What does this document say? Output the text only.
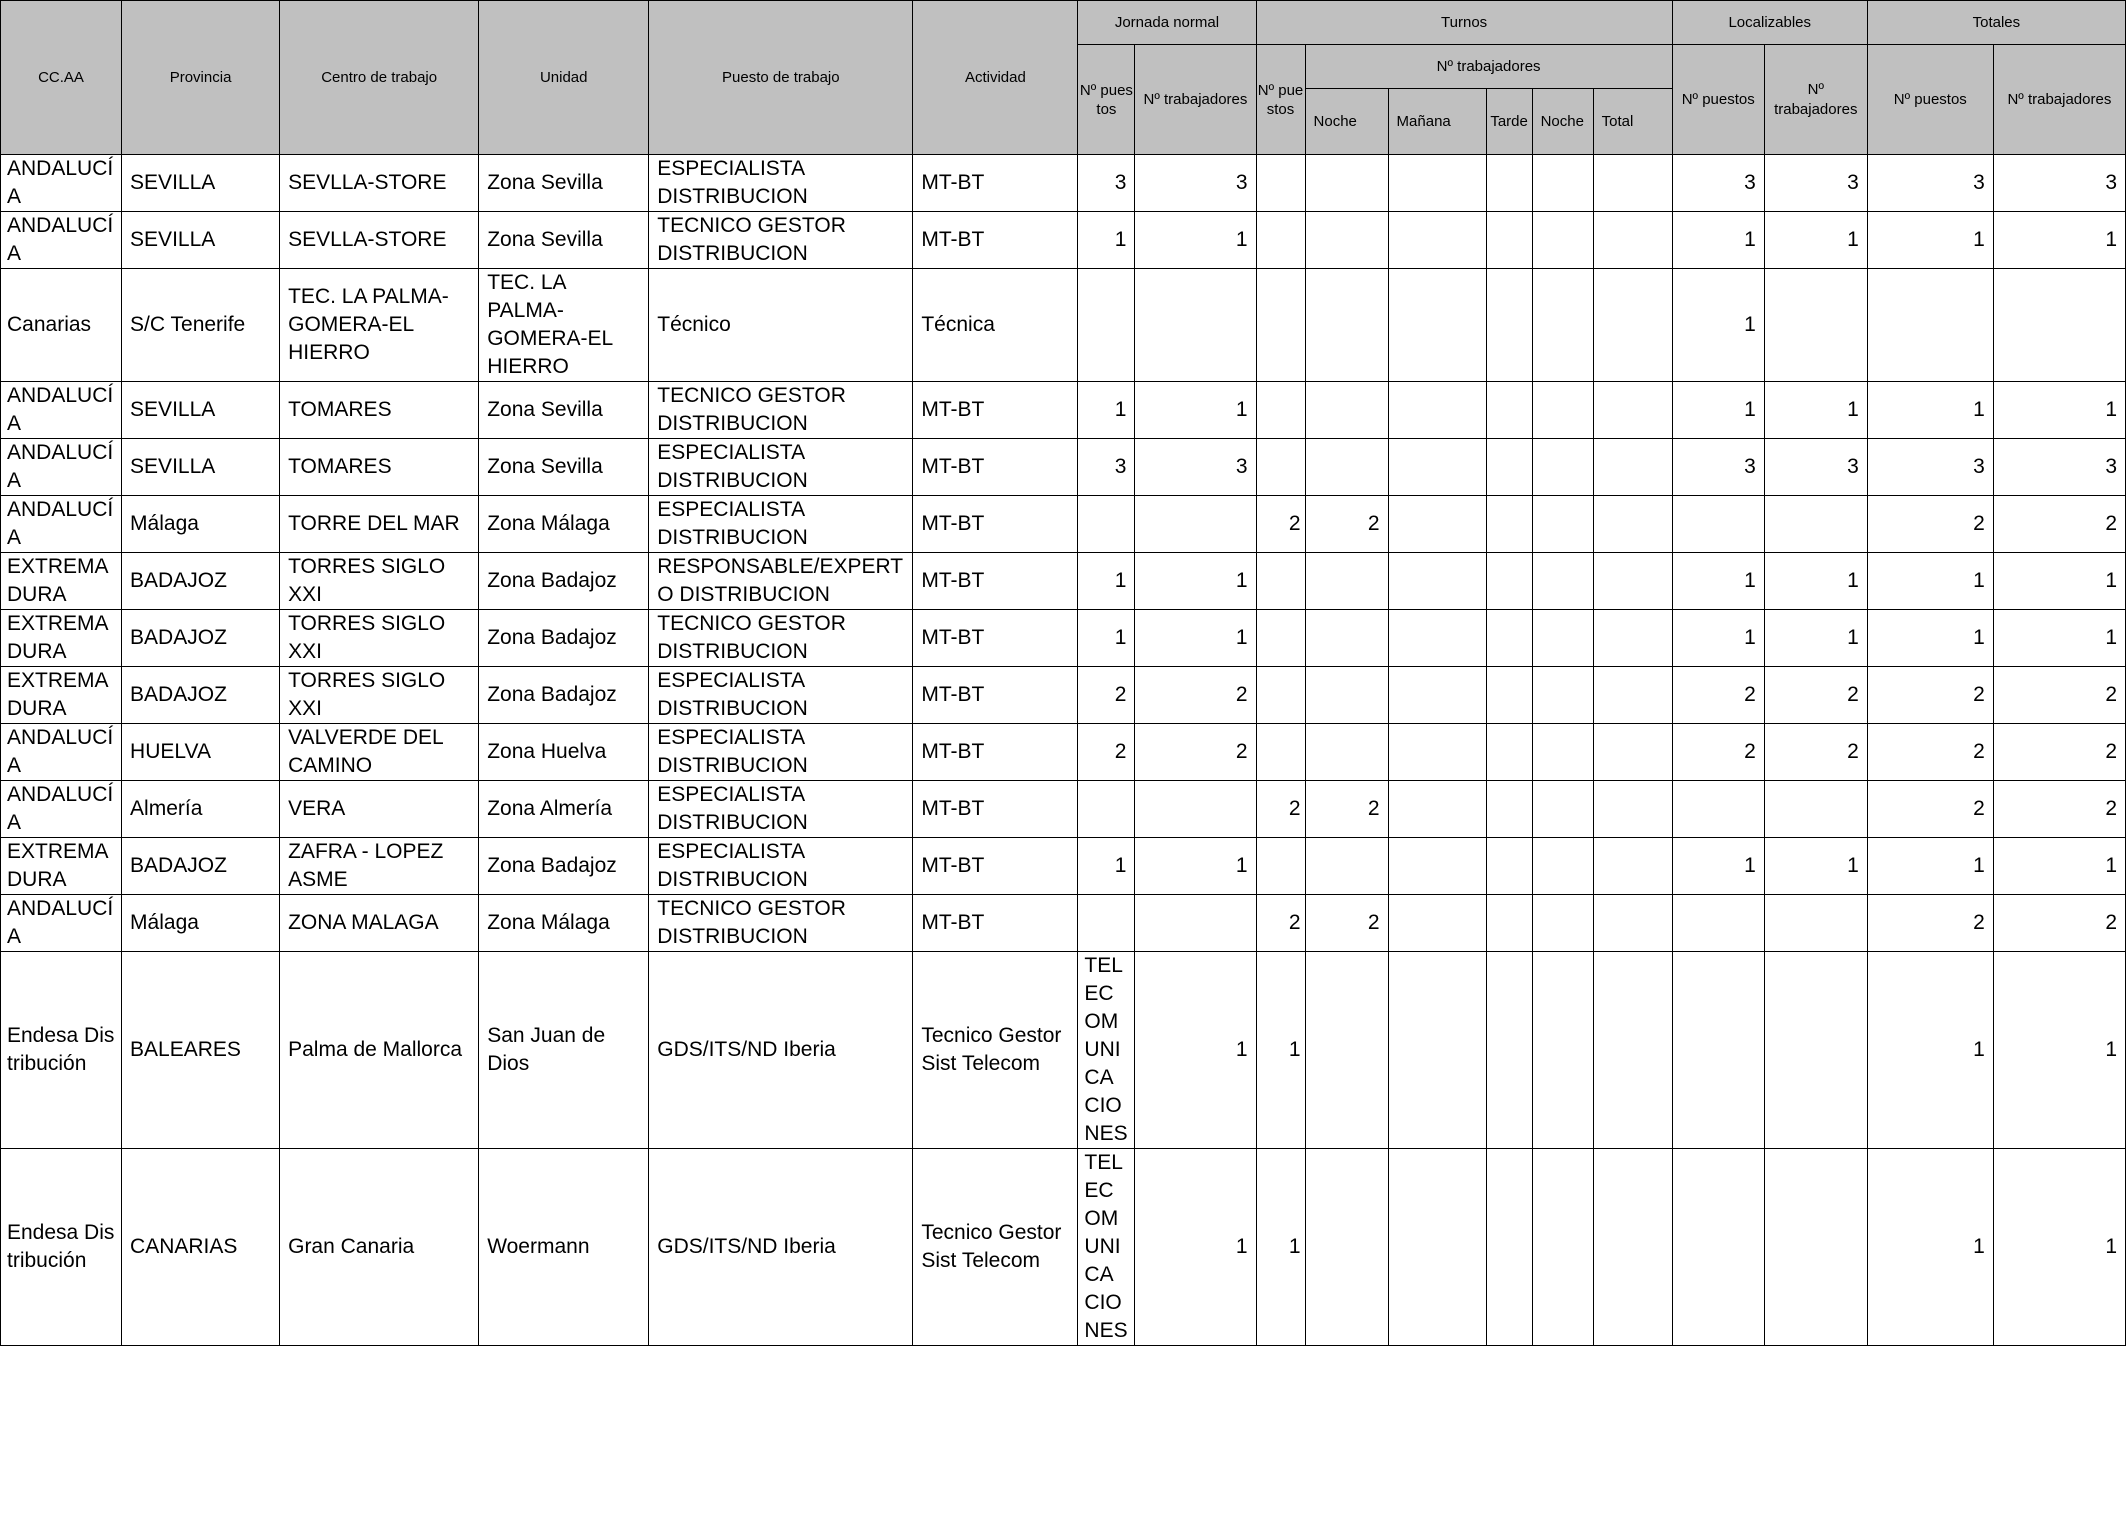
CC.AA	Provincia	Centro de trabajo	Unidad	Puesto de trabajo	Actividad	Jornada normal		Turnos						Localizables		Totales	
						Nº puestos	Nº trabajadores	Nº puestos	Nº trabajadores					Nº puestos	Nº trabajadores	Nº puestos	Nº trabajadores
									Noche	Mañana	Tarde	Noche	Total				
ANDALUCÍA	SEVILLA	SEVLLA-STORE	Zona Sevilla	ESPECIALISTA DISTRIBUCION	MT-BT	3	3							3	3	3	3
ANDALUCÍA	SEVILLA	SEVLLA-STORE	Zona Sevilla	TECNICO GESTOR DISTRIBUCION	MT-BT	1	1							1	1	1	1
Canarias	S/C Tenerife	TEC. LA PALMA-GOMERA-EL HIERRO	TEC. LA PALMA-GOMERA-EL HIERRO	Técnico	Técnica									1			
ANDALUCÍA	SEVILLA	TOMARES	Zona Sevilla	TECNICO GESTOR DISTRIBUCION	MT-BT	1	1							1	1	1	1
ANDALUCÍA	SEVILLA	TOMARES	Zona Sevilla	ESPECIALISTA DISTRIBUCION	MT-BT	3	3							3	3	3	3
ANDALUCÍA	Málaga	TORRE DEL MAR	Zona Málaga	ESPECIALISTA DISTRIBUCION	MT-BT			2	2							2	2
EXTREMADURA	BADAJOZ	TORRES SIGLO XXI	Zona Badajoz	RESPONSABLE/EXPERTO DISTRIBUCION	MT-BT	1	1							1	1	1	1
EXTREMADURA	BADAJOZ	TORRES SIGLO XXI	Zona Badajoz	TECNICO GESTOR DISTRIBUCION	MT-BT	1	1							1	1	1	1
EXTREMADURA	BADAJOZ	TORRES SIGLO XXI	Zona Badajoz	ESPECIALISTA DISTRIBUCION	MT-BT	2	2							2	2	2	2
ANDALUCÍA	HUELVA	VALVERDE DEL CAMINO	Zona Huelva	ESPECIALISTA DISTRIBUCION	MT-BT	2	2							2	2	2	2
ANDALUCÍA	Almería	VERA	Zona Almería	ESPECIALISTA DISTRIBUCION	MT-BT			2	2							2	2
EXTREMADURA	BADAJOZ	ZAFRA - LOPEZ ASME	Zona Badajoz	ESPECIALISTA DISTRIBUCION	MT-BT	1	1							1	1	1	1
ANDALUCÍA	Málaga	ZONA MALAGA	Zona Málaga	TECNICO GESTOR DISTRIBUCION	MT-BT			2	2							2	2
Endesa Distribución	BALEARES	Palma de Mallorca	San Juan de Dios	GDS/ITS/ND Iberia	Tecnico Gestor Sist Telecom	TELECOMUNICACIONES	1	1								1	1
Endesa Distribución	CANARIAS	Gran Canaria	Woermann	GDS/ITS/ND Iberia	Tecnico Gestor Sist Telecom	TELECOMUNICACIONES	1	1								1	1
